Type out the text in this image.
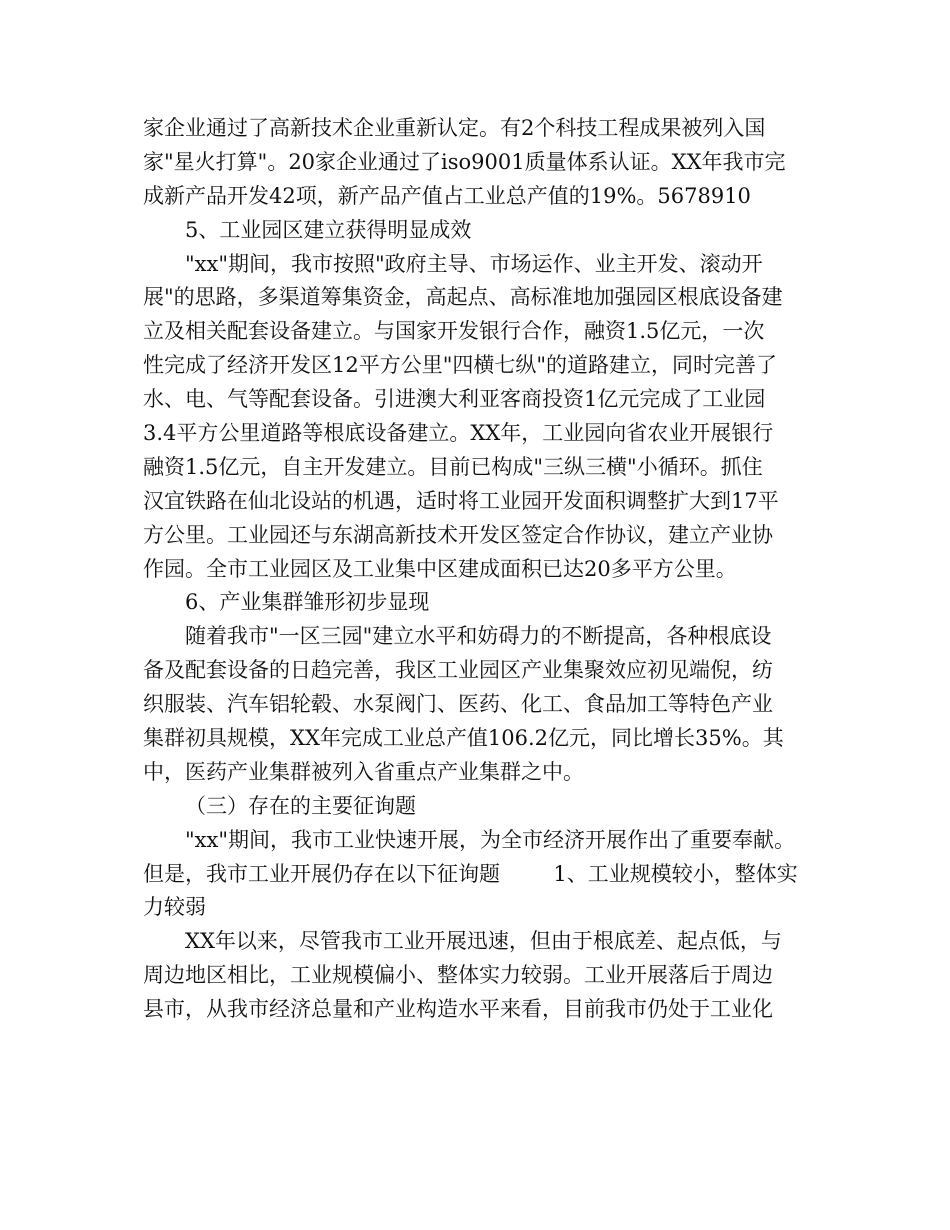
家企业通过了高新技术企业重新认定。有2个科技工程成果被列入国
家"星火打算"。20家企业通过了iso9001质量体系认证。XX年我市完
成新产品开发42项，新产品产值占工业总产值的19%。5678910
5、工业园区建立获得明显成效
"xx"期间，我市按照"政府主导、市场运作、业主开发、滚动开
展"的思路，多渠道筹集资金，高起点、高标准地加强园区根底设备建
立及相关配套设备建立。与国家开发银行合作，融资1.5亿元，一次
性完成了经济开发区12平方公里"四横七纵"的道路建立，同时完善了
水、电、气等配套设备。引进澳大利亚客商投资1亿元完成了工业园
3.4平方公里道路等根底设备建立。XX年，工业园向省农业开展银行
融资1.5亿元，自主开发建立。目前已构成"三纵三横"小循环。抓住
汉宜铁路在仙北设站的机遇，适时将工业园开发面积调整扩大到17平
方公里。工业园还与东湖高新技术开发区签定合作协议，建立产业协
作园。全市工业园区及工业集中区建成面积已达20多平方公里。
6、产业集群雏形初步显现
随着我市"一区三园"建立水平和妨碍力的不断提高，各种根底设
备及配套设备的日趋完善，我区工业园区产业集聚效应初见端倪，纺
织服装、汽车铝轮毂、水泵阀门、医药、化工、食品加工等特色产业
集群初具规模，XX年完成工业总产值106.2亿元，同比增长35%。其
中，医药产业集群被列入省重点产业集群之中。
（三）存在的主要征询题
"xx"期间，我市工业快速开展，为全市经济开展作出了重要奉献。
但是，我市工业开展仍存在以下征询题        1、工业规模较小，整体实
力较弱
XX年以来，尽管我市工业开展迅速，但由于根底差、起点低，与
周边地区相比，工业规模偏小、整体实力较弱。工业开展落后于周边
县市，从我市经济总量和产业构造水平来看，目前我市仍处于工业化
